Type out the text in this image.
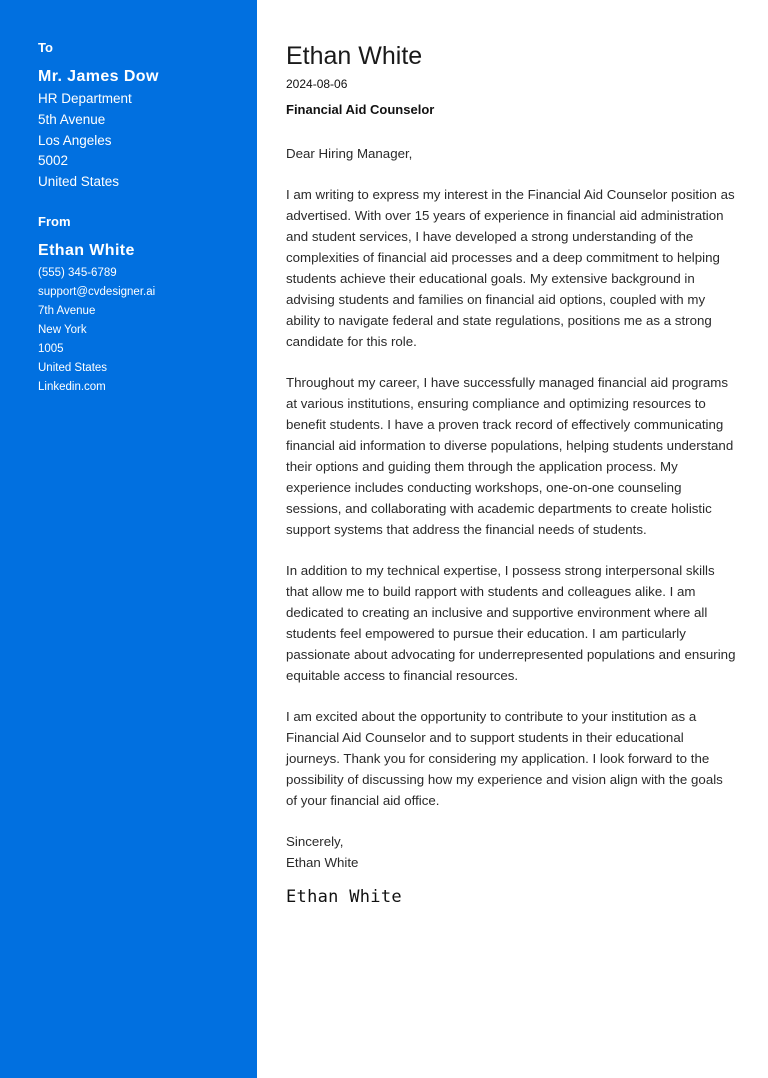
To
Mr. James Dow
HR Department
5th Avenue
Los Angeles
5002
United States
From
Ethan White
(555) 345-6789
support@cvdesigner.ai
7th Avenue
New York
1005
United States
Linkedin.com
Ethan White
2024-08-06
Financial Aid Counselor

Dear Hiring Manager,

I am writing to express my interest in the Financial Aid Counselor position as advertised. With over 15 years of experience in financial aid administration and student services, I have developed a strong understanding of the complexities of financial aid processes and a deep commitment to helping students achieve their educational goals. My extensive background in advising students and families on financial aid options, coupled with my ability to navigate federal and state regulations, positions me as a strong candidate for this role.

Throughout my career, I have successfully managed financial aid programs at various institutions, ensuring compliance and optimizing resources to benefit students. I have a proven track record of effectively communicating financial aid information to diverse populations, helping students understand their options and guiding them through the application process. My experience includes conducting workshops, one-on-one counseling sessions, and collaborating with academic departments to create holistic support systems that address the financial needs of students.

In addition to my technical expertise, I possess strong interpersonal skills that allow me to build rapport with students and colleagues alike. I am dedicated to creating an inclusive and supportive environment where all students feel empowered to pursue their education. I am particularly passionate about advocating for underrepresented populations and ensuring equitable access to financial resources.

I am excited about the opportunity to contribute to your institution as a Financial Aid Counselor and to support students in their educational journeys. Thank you for considering my application. I look forward to the possibility of discussing how my experience and vision align with the goals of your financial aid office.

Sincerely,
Ethan White
Ethan White
